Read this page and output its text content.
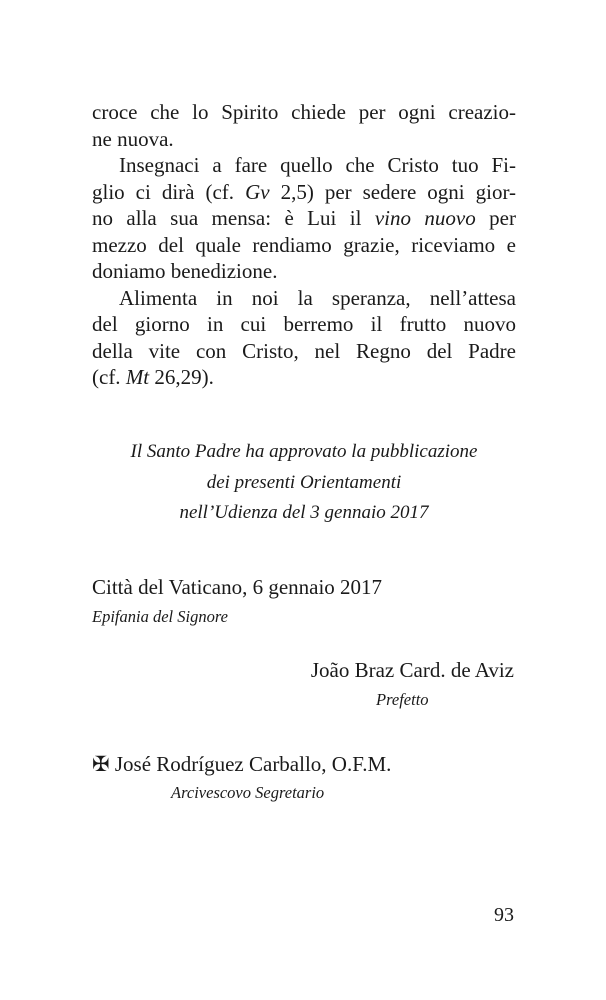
croce che lo Spirito chiede per ogni creazio-
ne nuova.
Insegnaci a fare quello che Cristo tuo Fi-
glio ci dirà (cf. Gv 2,5) per sedere ogni gior-
no alla sua mensa: è Lui il vino nuovo per
mezzo del quale rendiamo grazie, riceviamo e
doniamo benedizione.
Alimenta in noi la speranza, nell’attesa
del giorno in cui berremo il frutto nuovo
della vite con Cristo, nel Regno del Padre
(cf. Mt 26,29).
Il Santo Padre ha approvato la pubblicazione
dei presenti Orientamenti
nell’Udienza del 3 gennaio 2017
Città del Vaticano, 6 gennaio 2017
Epifania del Signore
João Braz Card. de Aviz
Prefetto
✠ José Rodríguez Carballo, O.F.M.
Arcivescovo Segretario
93
